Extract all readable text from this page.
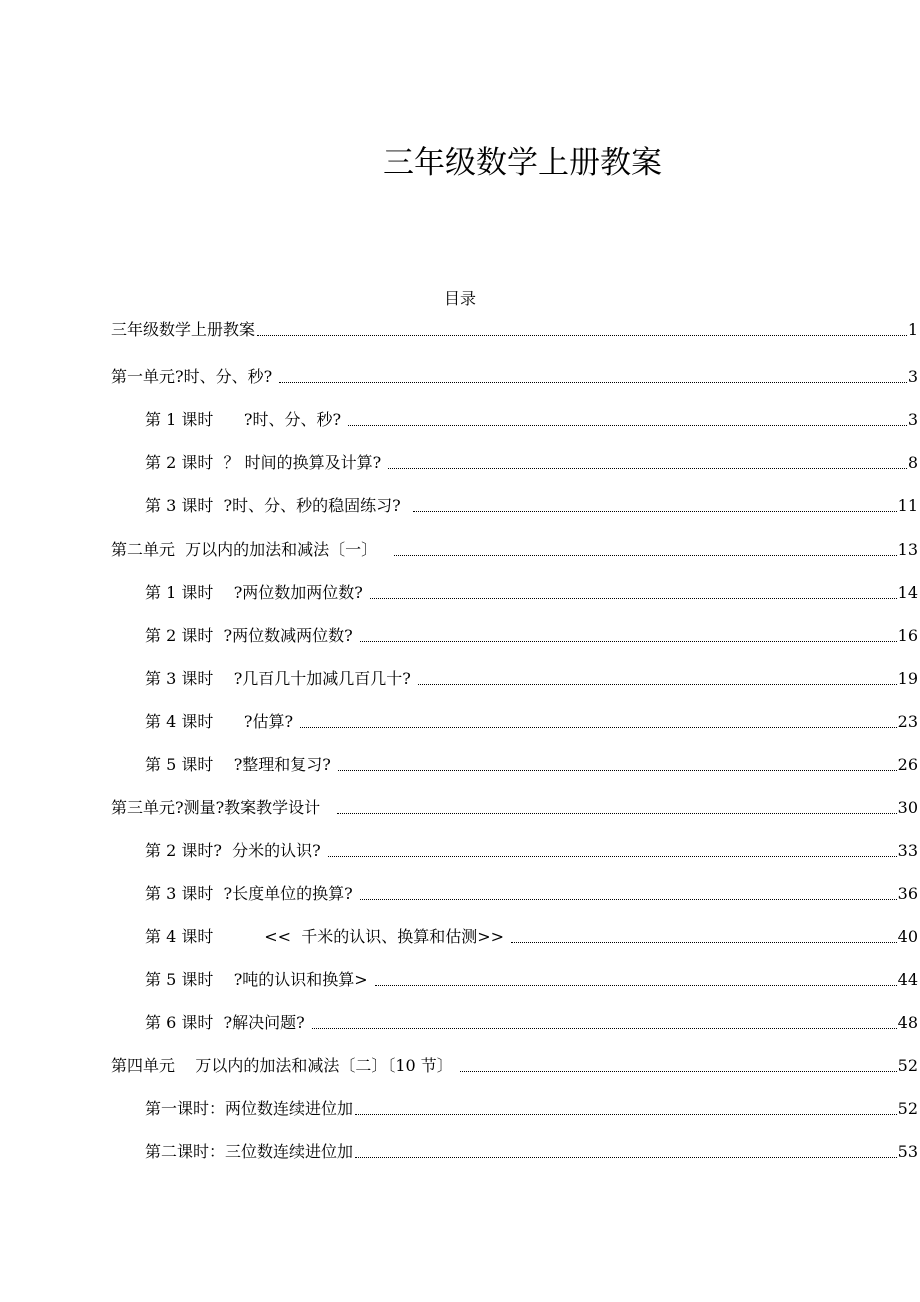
三年级数学上册教案
目录
三年级数学上册教案	1
第一单元?时、分、秒?	3
第 1 课时      ?时、分、秒?	3
第 2 课时  ？ 时间的换算及计算?	8
第 3 课时  ?时、分、秒的稳固练习?	11
第二单元  万以内的加法和减法〔一〕	13
第 1 课时    ?两位数加两位数?	14
第 2 课时  ?两位数减两位数?	16
第 3 课时    ?几百几十加减几百几十?	19
第 4 课时      ?估算?	23
第 5 课时    ?整理和复习?	26
第三单元?测量?教案教学设计	30
第 2 课时?  分米的认识?	33
第 3 课时  ?长度单位的换算?	36
第 4 课时          <<  千米的认识、换算和估测>>	40
第 5 课时    ?吨的认识和换算>	44
第 6 课时  ?解决问题?	48
第四单元    万以内的加法和减法〔二〕〔10 节〕	52
第一课时：两位数连续进位加	52
第二课时：三位数连续进位加	53
